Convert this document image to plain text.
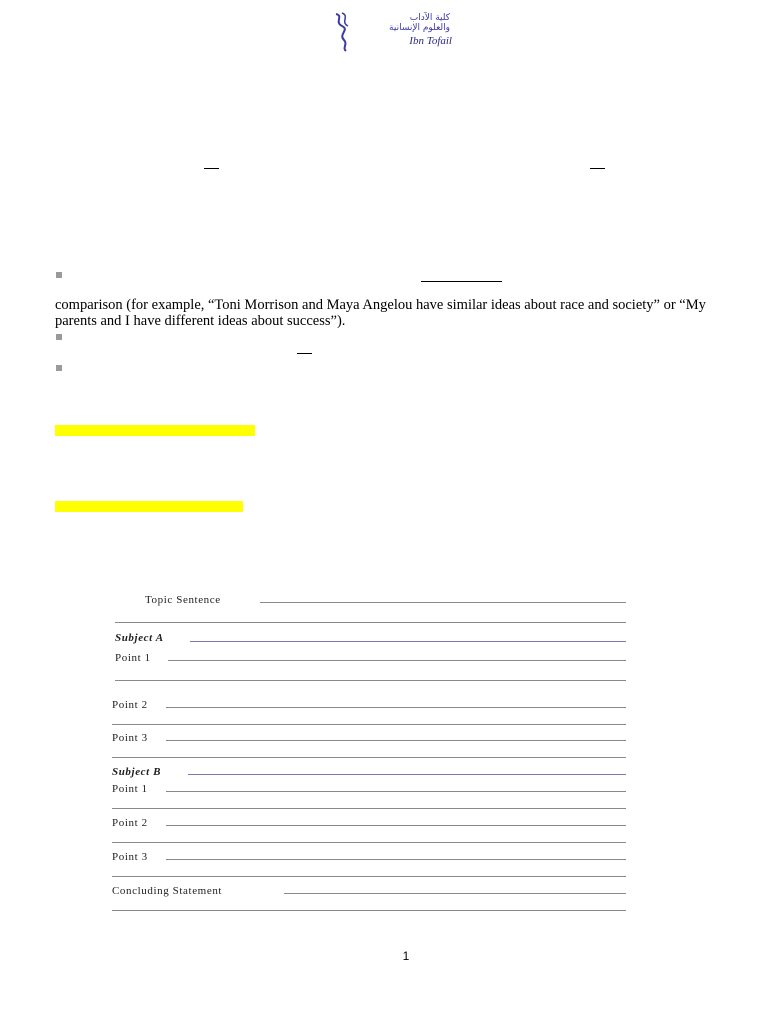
كلية الآداب
والعلوم الإنسانية
Ibn Tofail
comparison (for example, “Toni Morrison and Maya Angelou have similar ideas about race and society” or “My parents and I have different ideas about success”).
Topic Sentence
Subject A
Point 1
Point 2
Point 3
Subject B
Point 1
Point 2
Point 3
Concluding Statement
1
